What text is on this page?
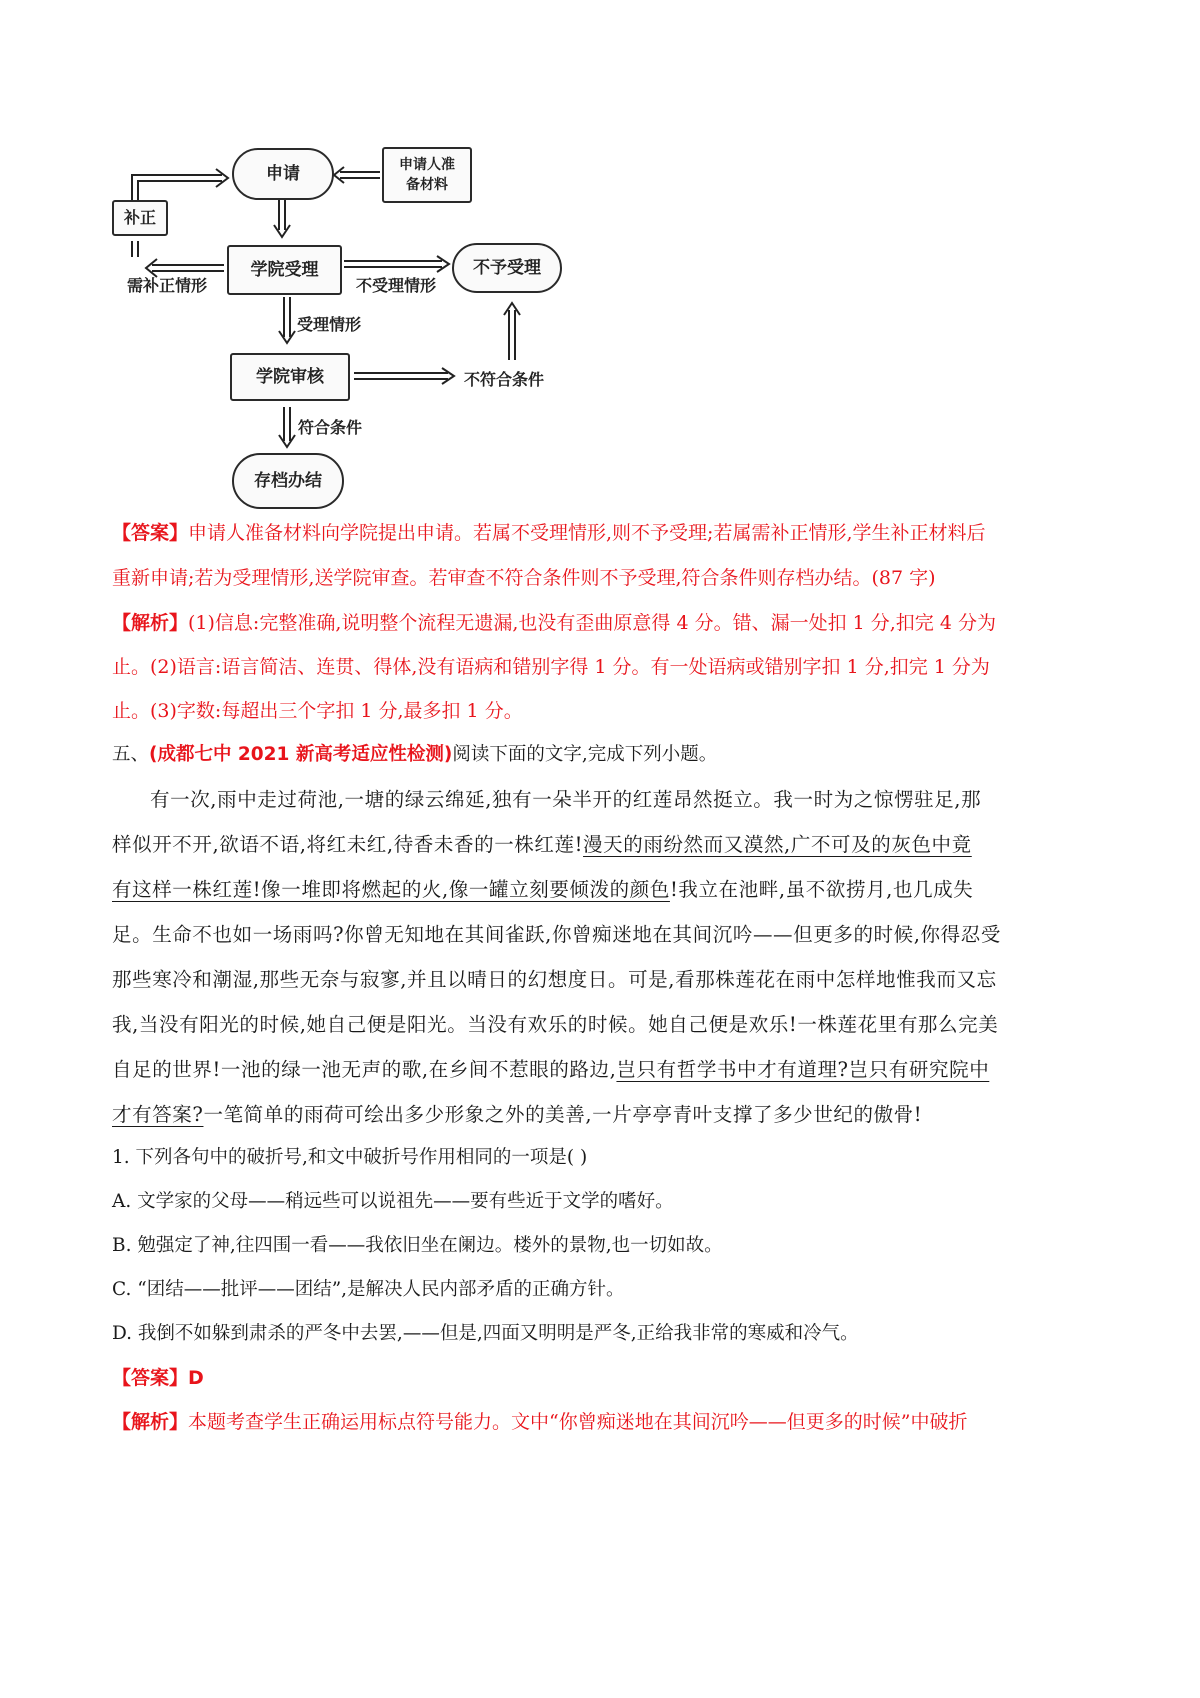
申请	申请人准
备材料
补正
学院受理	不予受理
学院审核
存档办结
需补正情形	不受理情形
受理情形
不符合条件
符合条件
【答案】申请人准备材料向学院提出申请。若属不受理情形,则不予受理;若属需补正情形,学生补正材料后
重新申请;若为受理情形,送学院审查。若审查不符合条件则不予受理,符合条件则存档办结。(87 字)
【解析】(1)信息:完整准确,说明整个流程无遗漏,也没有歪曲原意得 4 分。错、漏一处扣 1 分,扣完 4 分为
止。(2)语言:语言简洁、连贯、得体,没有语病和错别字得 1 分。有一处语病或错别字扣 1 分,扣完 1 分为
止。(3)字数:每超出三个字扣 1 分,最多扣 1 分。
五、(成都七中 2021 新高考适应性检测)阅读下面的文字,完成下列小题。
有一次,雨中走过荷池,一塘的绿云绵延,独有一朵半开的红莲昂然挺立。我一时为之惊愣驻足,那
样似开不开,欲语不语,将红未红,待香未香的一株红莲!漫天的雨纷然而又漠然,广不可及的灰色中竟
有这样一株红莲!像一堆即将燃起的火,像一罐立刻要倾泼的颜色!我立在池畔,虽不欲捞月,也几成失
足。生命不也如一场雨吗?你曾无知地在其间雀跃,你曾痴迷地在其间沉吟——但更多的时候,你得忍受
那些寒冷和潮湿,那些无奈与寂寥,并且以晴日的幻想度日。可是,看那株莲花在雨中怎样地惟我而又忘
我,当没有阳光的时候,她自己便是阳光。当没有欢乐的时候。她自己便是欢乐!一株莲花里有那么完美
自足的世界!一池的绿一池无声的歌,在乡间不惹眼的路边,岂只有哲学书中才有道理?岂只有研究院中
才有答案?一笔简单的雨荷可绘出多少形象之外的美善,一片亭亭青叶支撑了多少世纪的傲骨!
1. 下列各句中的破折号,和文中破折号作用相同的一项是( )
A. 文学家的父母——稍远些可以说祖先——要有些近于文学的嗜好。
B. 勉强定了神,往四围一看——我依旧坐在阑边。楼外的景物,也一切如故。
C. “团结——批评——团结”,是解决人民内部矛盾的正确方针。
D. 我倒不如躲到肃杀的严冬中去罢,——但是,四面又明明是严冬,正给我非常的寒威和冷气。
【答案】D
【解析】本题考查学生正确运用标点符号能力。文中“你曾痴迷地在其间沉吟——但更多的时候”中破折
